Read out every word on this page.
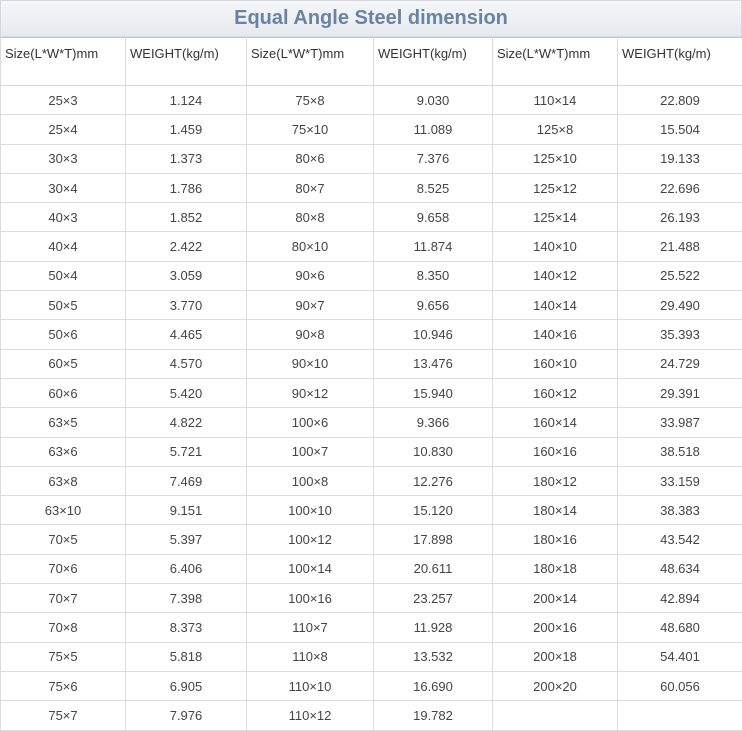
Equal Angle Steel dimension
Size(L*W*T)mm	WEIGHT(kg/m)	Size(L*W*T)mm	WEIGHT(kg/m)	Size(L*W*T)mm	WEIGHT(kg/m)
25×3	1.124	75×8	9.030	110×14	22.809
25×4	1.459	75×10	11.089	125×8	15.504
30×3	1.373	80×6	7.376	125×10	19.133
30×4	1.786	80×7	8.525	125×12	22.696
40×3	1.852	80×8	9.658	125×14	26.193
40×4	2.422	80×10	11.874	140×10	21.488
50×4	3.059	90×6	8.350	140×12	25.522
50×5	3.770	90×7	9.656	140×14	29.490
50×6	4.465	90×8	10.946	140×16	35.393
60×5	4.570	90×10	13.476	160×10	24.729
60×6	5.420	90×12	15.940	160×12	29.391
63×5	4.822	100×6	9.366	160×14	33.987
63×6	5.721	100×7	10.830	160×16	38.518
63×8	7.469	100×8	12.276	180×12	33.159
63×10	9.151	100×10	15.120	180×14	38.383
70×5	5.397	100×12	17.898	180×16	43.542
70×6	6.406	100×14	20.611	180×18	48.634
70×7	7.398	100×16	23.257	200×14	42.894
70×8	8.373	110×7	11.928	200×16	48.680
75×5	5.818	110×8	13.532	200×18	54.401
75×6	6.905	110×10	16.690	200×20	60.056
75×7	7.976	110×12	19.782		
